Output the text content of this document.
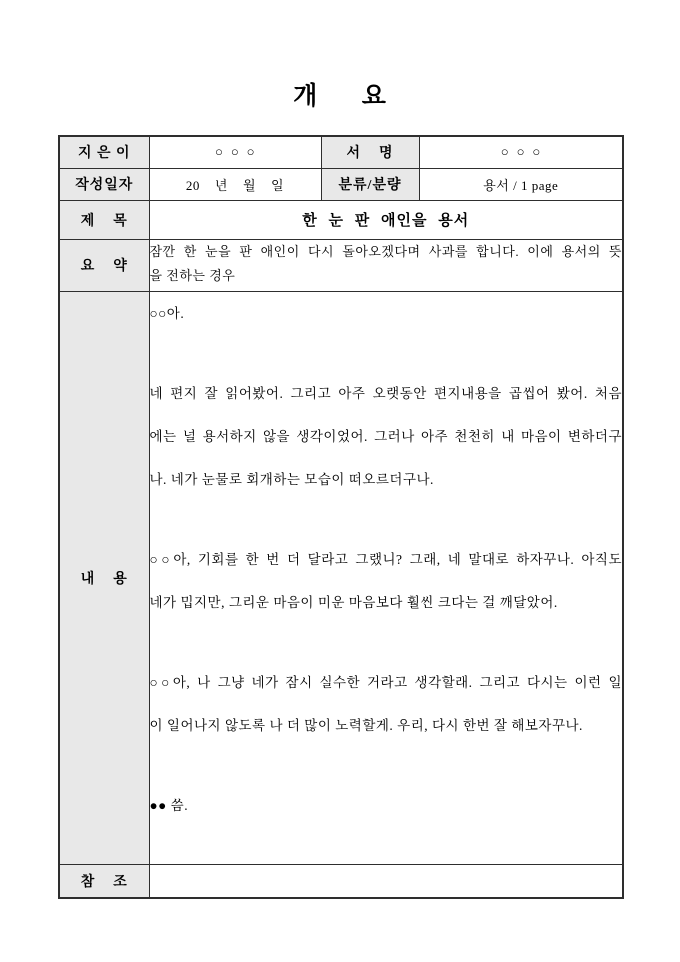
개      요
지 은 이	○  ○  ○	서    명	○  ○  ○
작성일자	20    년    월    일	분류/분량	용서 / 1 page
제    목	한 눈 판 애인을 용서		
요    약	잠깐 한 눈을 판 애인이 다시 돌아오겠다며 사과를 합니다. 이에 용서의 뜻
을 전하는 경우		

내    용	
○○아.
네 편지 잘 읽어봤어. 그리고 아주 오랫동안 편지내용을 곱씹어 봤어. 처음
에는 널 용서하지 않을 생각이었어. 그러나 아주 천천히 내 마음이 변하더구
나. 네가 눈물로 회개하는 모습이 떠오르더구나.
○○아, 기회를 한 번 더 달라고 그랬니? 그래, 네 말대로 하자꾸나. 아직도
네가 밉지만, 그리운 마음이 미운 마음보다 훨씬 크다는 걸 깨달았어.
○○아, 나 그냥 네가 잠시 실수한 거라고 생각할래. 그리고 다시는 이런 일
이 일어나지 않도록 나 더 많이 노력할게. 우리, 다시 한번 잘 해보자꾸나.
●● 씀.

참    조			
